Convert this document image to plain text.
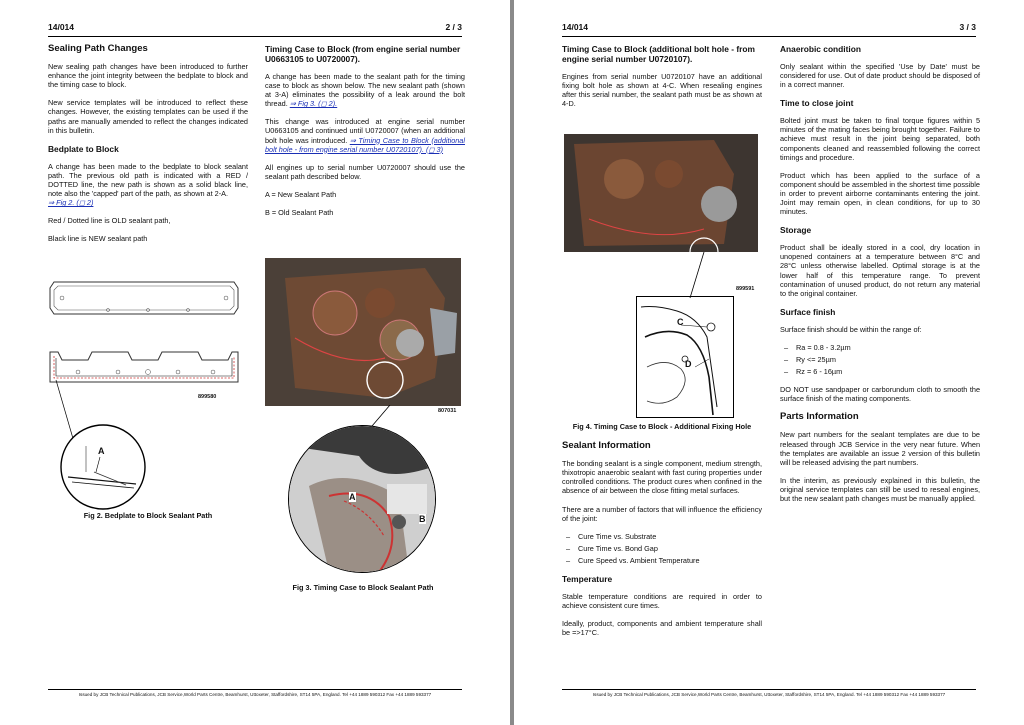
14/014	2 / 3
Sealing Path Changes

New sealing path changes have been introduced to further enhance the joint integrity between the bedplate to block and the timing case to block.

New service templates will be introduced to reflect these changes. However, the existing templates can be used if the paths are manually amended to reflect the changes indicated in this bulletin.

Bedplate to Block

A change has been made to the bedplate to block sealant path. The previous old path is indicated with a RED / DOTTED line, the new path is shown as a solid black line, note also the 'capped' part of the path, as shown at 2-A.
⇒ Fig 2. (◻ 2)

Red / Dotted line is OLD sealant path,

Black line is NEW sealant path

899580
A
Fig 2. Bedplate to Block Sealant Path
Timing Case to Block (from engine serial number U0663105 to U0720007).

A change has been made to the sealant path for the timing case to block as shown below. The new sealant path (shown at 3-A) eliminates the possibility of a leak around the bolt thread. ⇒ Fig 3. (◻ 2).

This change was introduced at engine serial number U0663105 and continued until U0720007 (when an additional bolt hole was introduced. ⇒ Timing Case to Block (additional bolt hole - from engine serial number U0720107). (◻ 3)

All engines up to serial number U0720007 should use the sealant path described below.

A = New Sealant Path

B = Old Sealant Path

807031
A
B
Fig 3. Timing Case to Block Sealant Path
Issued by JCB Technical Publications, JCB Service,World Parts Centre, Beamhurst, Uttoxeter, Staffordshire, ST14 5PA, England. Tel +44 1889 590312 Fax +44 1889 593377
14/014	3 / 3
Timing Case to Block (additional bolt hole - from engine serial number U0720107).

Engines from serial number U0720107 have an additional fixing bolt hole as shown at 4-C. When resealing engines after this serial number, the sealant path must be as shown at 4-D.

899591
C
D
Fig 4. Timing Case to Block - Additional Fixing Hole
Sealant Information

The bonding sealant is a single component, medium strength, thixotropic anaerobic sealant with fast curing properties under controlled conditions. The product cures when confined in the absence of air between the close fitting metal surfaces.

There are a number of factors that will influence the efficiency of the joint:

– Cure Time vs. Substrate
– Cure Time vs. Bond Gap
– Cure Speed vs. Ambient Temperature
Temperature

Stable temperature conditions are required in order to achieve consistent cure times.

Ideally, product, components and ambient temperature shall be =>17°C.

Anaerobic condition

Only sealant within the specified 'Use by Date' must be considered for use. Out of date product should be disposed of in a correct manner.

Time to close joint

Bolted joint must be taken to final torque figures within 5 minutes of the mating faces being brought together. Failure to achieve must result in the joint being separated, both components cleaned and reassembled following the correct timings and procedure.

Product which has been applied to the surface of a component should be assembled in the shortest time possible in order to prevent airborne contaminants entering the joint. Joint may remain open, in clean conditions, for up to 30 minutes.

Storage

Product shall be ideally stored in a cool, dry location in unopened containers at a temperature between 8°C and 28°C unless otherwise labelled. Optimal storage is at the lower half of this temperature range. To prevent contamination of unused product, do not return any material to the original container.

Surface finish

Surface finish should be within the range of:

– Ra = 0.8 - 3.2µm
– Ry <= 25µm
– Rz = 6 - 16µm

DO NOT use sandpaper or carborundum cloth to smooth the surface finish of the mating components.

Parts Information

New part numbers for the sealant templates are due to be released through JCB Service in the very near future. When the templates are available an issue 2 version of this bulletin will be released advising the part numbers.

In the interim, as previously explained in this bulletin, the original service templates can still be used to reseal engines, but the new sealant path changes must be manually applied.

Issued by JCB Technical Publications, JCB Service,World Parts Centre, Beamhurst, Uttoxeter, Staffordshire, ST14 5PA, England. Tel +44 1889 590312 Fax +44 1889 593377
